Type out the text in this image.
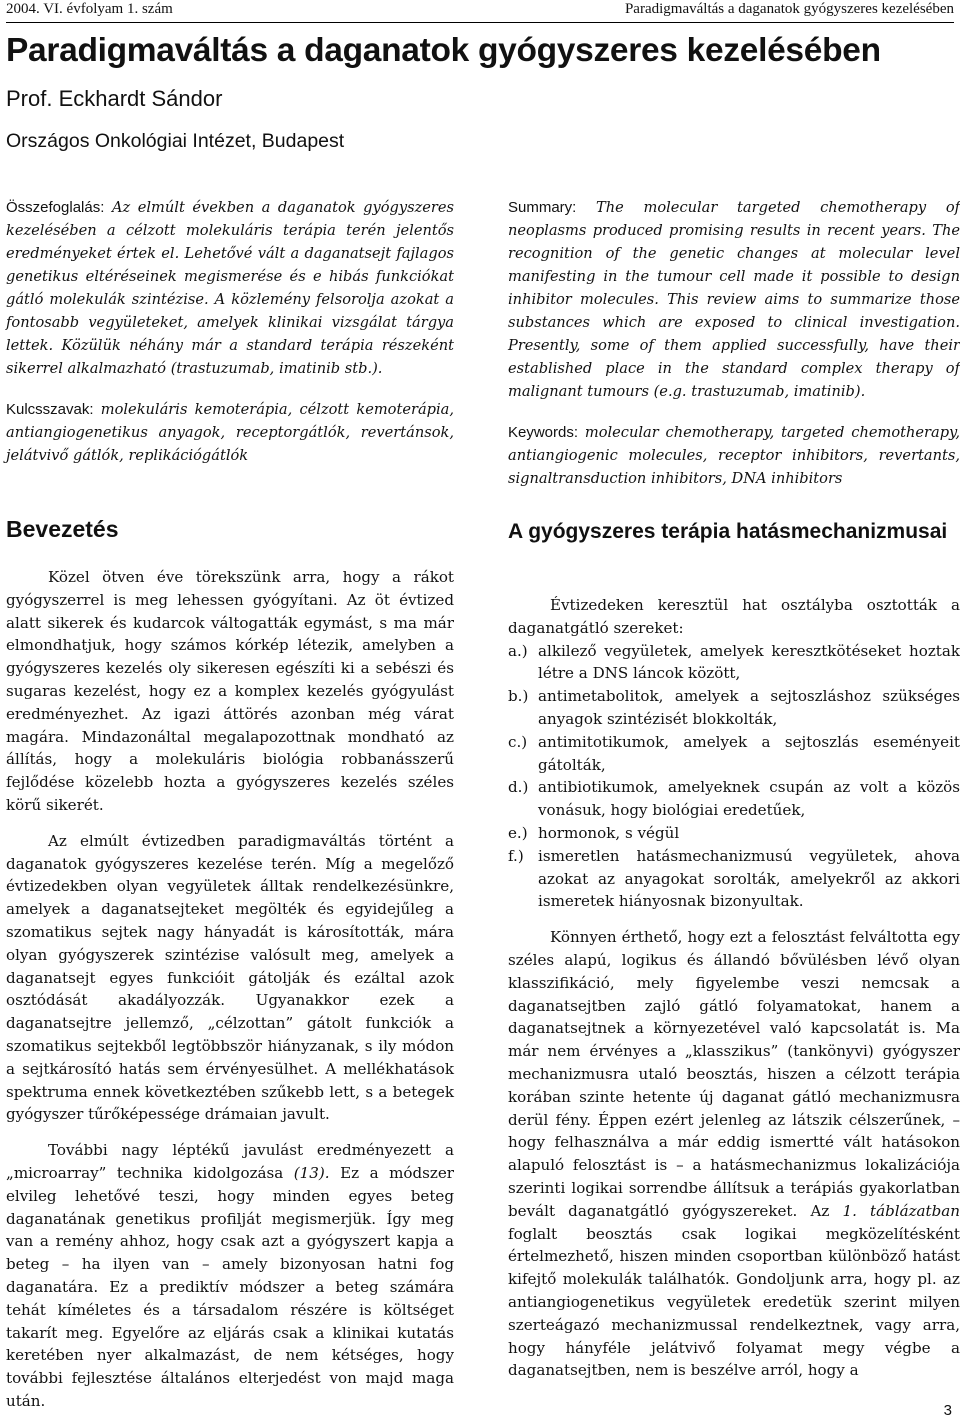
2004. VI. évfolyam 1. szám	Paradigmaváltás a daganatok gyógyszeres kezelésében
Paradigmaváltás a daganatok gyógyszeres kezelésében
Prof. Eckhardt Sándor
Országos Onkológiai Intézet, Budapest

Összefoglalás: Az elmúlt években a daganatok gyógyszeres kezelésében a célzott molekuláris terápia terén jelentős eredményeket értek el. Lehetővé vált a daganatsejt fajlagos genetikus eltéréseinek megismerése és e hibás funkciókat gátló molekulák szintézise. A közlemény felsorolja azokat a fontosabb vegyületeket, amelyek klinikai vizsgálat tárgya lettek. Közülük néhány már a standard terápia részeként sikerrel alkalmazható (trastuzumab, imatinib stb.).

Kulcsszavak: molekuláris kemoterápia, célzott kemoterápia, antiangiogenetikus anyagok, receptorgátlók, revertánsok, jelátvivő gátlók, replikációgátlók

Summary: The molecular targeted chemotherapy of neoplasms produced promising results in recent years. The recognition of the genetic changes at molecular level manifesting in the tumour cell made it possible to design inhibitor molecules. This review aims to summarize those substances which are exposed to clinical investigation. Presently, some of them applied successfully, have their established place in the standard complex therapy of malignant tumours (e.g. trastuzumab, imatinib).

Keywords: molecular chemotherapy, targeted chemotherapy, antiangiogenic molecules, receptor inhibitors, revertants, signaltransduction inhibitors, DNA inhibitors

Bevezetés

Közel ötven éve törekszünk arra, hogy a rákot gyógyszerrel is meg lehessen gyógyítani. Az öt évtized alatt sikerek és kudarcok váltogatták egymást, s ma már elmondhatjuk, hogy számos kórkép létezik, amelyben a gyógyszeres kezelés oly sikeresen egészíti ki a sebészi és sugaras kezelést, hogy ez a komplex kezelés gyógyulást eredményezhet. Az igazi áttörés azonban még várat magára. Mindazonáltal megalapozottnak mondható az állítás, hogy a molekuláris biológia robbanásszerű fejlődése közelebb hozta a gyógyszeres kezelés széles körű sikerét.

Az elmúlt évtizedben paradigmaváltás történt a daganatok gyógyszeres kezelése terén. Míg a megelőző évtizedekben olyan vegyületek álltak rendelkezésünkre, amelyek a daganatsejteket megölték és egyidejűleg a szomatikus sejtek nagy hányadát is károsították, mára olyan gyógyszerek szintézise valósult meg, amelyek a daganatsejt egyes funkcióit gátolják és ezáltal azok osztódását akadályozzák. Ugyanakkor ezek a daganatsejtre jellemző, „célzottan” gátolt funkciók a szomatikus sejtekből legtöbbször hiányzanak, s ily módon a sejtkárosító hatás sem érvényesülhet. A mellékhatások spektruma ennek következtében szűkebb lett, s a betegek gyógyszer tűrőképessége drámaian javult.

További nagy léptékű javulást eredményezett a „microarray” technika kidolgozása (13). Ez a módszer elvileg lehetővé teszi, hogy minden egyes beteg daganatának genetikus profilját megismerjük. Így meg van a remény ahhoz, hogy csak azt a gyógyszert kapja a beteg – ha ilyen van – amely bizonyosan hatni fog daganatára. Ez a prediktív módszer a beteg számára tehát kíméletes és a társadalom részére is költséget takarít meg. Egyelőre az eljárás csak a klinikai kutatás keretében nyer alkalmazást, de nem kétséges, hogy további fejlesztése általános elterjedést von majd maga után.

A gyógyszeres terápia hatásmechanizmusai

Évtizedeken keresztül hat osztályba osztották a daganatgátló szereket:

a.) alkilező vegyületek, amelyek keresztkötéseket hoztak létre a DNS láncok között,
b.) antimetabolitok, amelyek a sejtoszláshoz szükséges anyagok szintézisét blokkolták,
c.) antimitotikumok, amelyek a sejtoszlás eseményeit gátolták,
d.) antibiotikumok, amelyeknek csupán az volt a közös vonásuk, hogy biológiai eredetűek,
e.) hormonok, s végül
f.) ismeretlen hatásmechanizmusú vegyületek, ahova azokat az anyagokat sorolták, amelyekről az akkori ismeretek hiányosnak bizonyultak.

Könnyen érthető, hogy ezt a felosztást felváltotta egy széles alapú, logikus és állandó bővülésben lévő olyan klasszifikáció, mely figyelembe veszi nemcsak a daganatsejtben zajló gátló folyamatokat, hanem a daganatsejtnek a környezetével való kapcsolatát is. Ma már nem érvényes a „klasszikus” (tankönyvi) gyógyszer mechanizmusra utaló beosztás, hiszen a célzott terápia korában szinte hetente új daganat gátló mechanizmusra derül fény. Éppen ezért jelenleg az látszik célszerűnek, – hogy felhasználva a már eddig ismertté vált hatásokon alapuló felosztást is – a hatásmechanizmus lokalizációja szerinti logikai sorrendbe állítsuk a terápiás gyakorlatban bevált daganatgátló gyógyszereket. Az 1. táblázatban foglalt beosztás csak logikai megközelítésként értelmezhető, hiszen minden csoportban különböző hatást kifejtő molekulák találhatók. Gondoljunk arra, hogy pl. az antiangiogenetikus vegyületek eredetük szerint milyen szerteágazó mechanizmussal rendelkeztnek, vagy arra, hogy hányféle jelátvivő folyamat megy végbe a daganatsejtben, nem is beszélve arról, hogy a

3
